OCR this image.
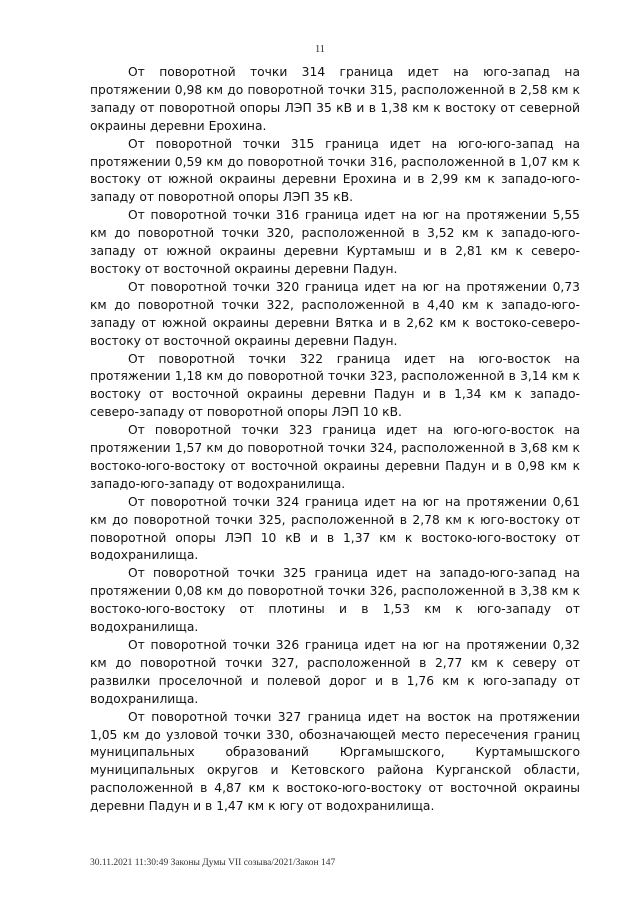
11

От поворотной точки 314 граница идет на юго-запад на протяжении 0,98 км до поворотной точки 315, расположенной в 2,58 км к западу от поворотной опоры ЛЭП 35 кВ и в 1,38 км к востоку от северной окраины деревни Ерохина.

От поворотной точки 315 граница идет на юго-юго-запад на протяжении 0,59 км до поворотной точки 316, расположенной в 1,07 км к востоку от южной окраины деревни Ерохина и в 2,99 км к западо-юго-западу от поворотной опоры ЛЭП 35 кВ.

От поворотной точки 316 граница идет на юг на протяжении 5,55 км до поворотной точки 320, расположенной в 3,52 км к западо-юго-западу от южной окраины деревни Куртамыш и в 2,81 км к северо-востоку от восточной окраины деревни Падун.

От поворотной точки 320 граница идет на юг на протяжении 0,73 км до поворотной точки 322, расположенной в 4,40 км к западо-юго-западу от южной окраины деревни Вятка и в 2,62 км к востоко-северо-востоку от восточной окраины деревни Падун.

От поворотной точки 322 граница идет на юго-восток на протяжении 1,18 км до поворотной точки 323, расположенной в 3,14 км к востоку от восточной окраины деревни Падун и в 1,34 км к западо-северо-западу от поворотной опоры ЛЭП 10 кВ.

От поворотной точки 323 граница идет на юго-юго-восток на протяжении 1,57 км до поворотной точки 324, расположенной в 3,68 км к востоко-юго-востоку от восточной окраины деревни Падун и в 0,98 км к западо-юго-западу от водохранилища.

От поворотной точки 324 граница идет на юг на протяжении 0,61 км до поворотной точки 325, расположенной в 2,78 км к юго-востоку от поворотной опоры ЛЭП 10 кВ и в 1,37 км к востоко-юго-востоку от водохранилища.

От поворотной точки 325 граница идет на западо-юго-запад на протяжении 0,08 км до поворотной точки 326, расположенной в 3,38 км к востоко-юго-востоку от плотины и в 1,53 км к юго-западу от водохранилища.

От поворотной точки 326 граница идет на юг на протяжении 0,32 км до поворотной точки 327, расположенной в 2,77 км к северу от развилки проселочной и полевой дорог и в 1,76 км к юго-западу от водохранилища.

От поворотной точки 327 граница идет на восток на протяжении 1,05 км до узловой точки 330, обозначающей место пересечения границ муниципальных образований Юргамышского, Куртамышского муниципальных округов и Кетовского района Курганской области, расположенной в 4,87 км к востоко-юго-востоку от восточной окраины деревни Падун и в 1,47 км к югу от водохранилища.

30.11.2021 11:30:49 Законы Думы VII созыва/2021/Закон 147
